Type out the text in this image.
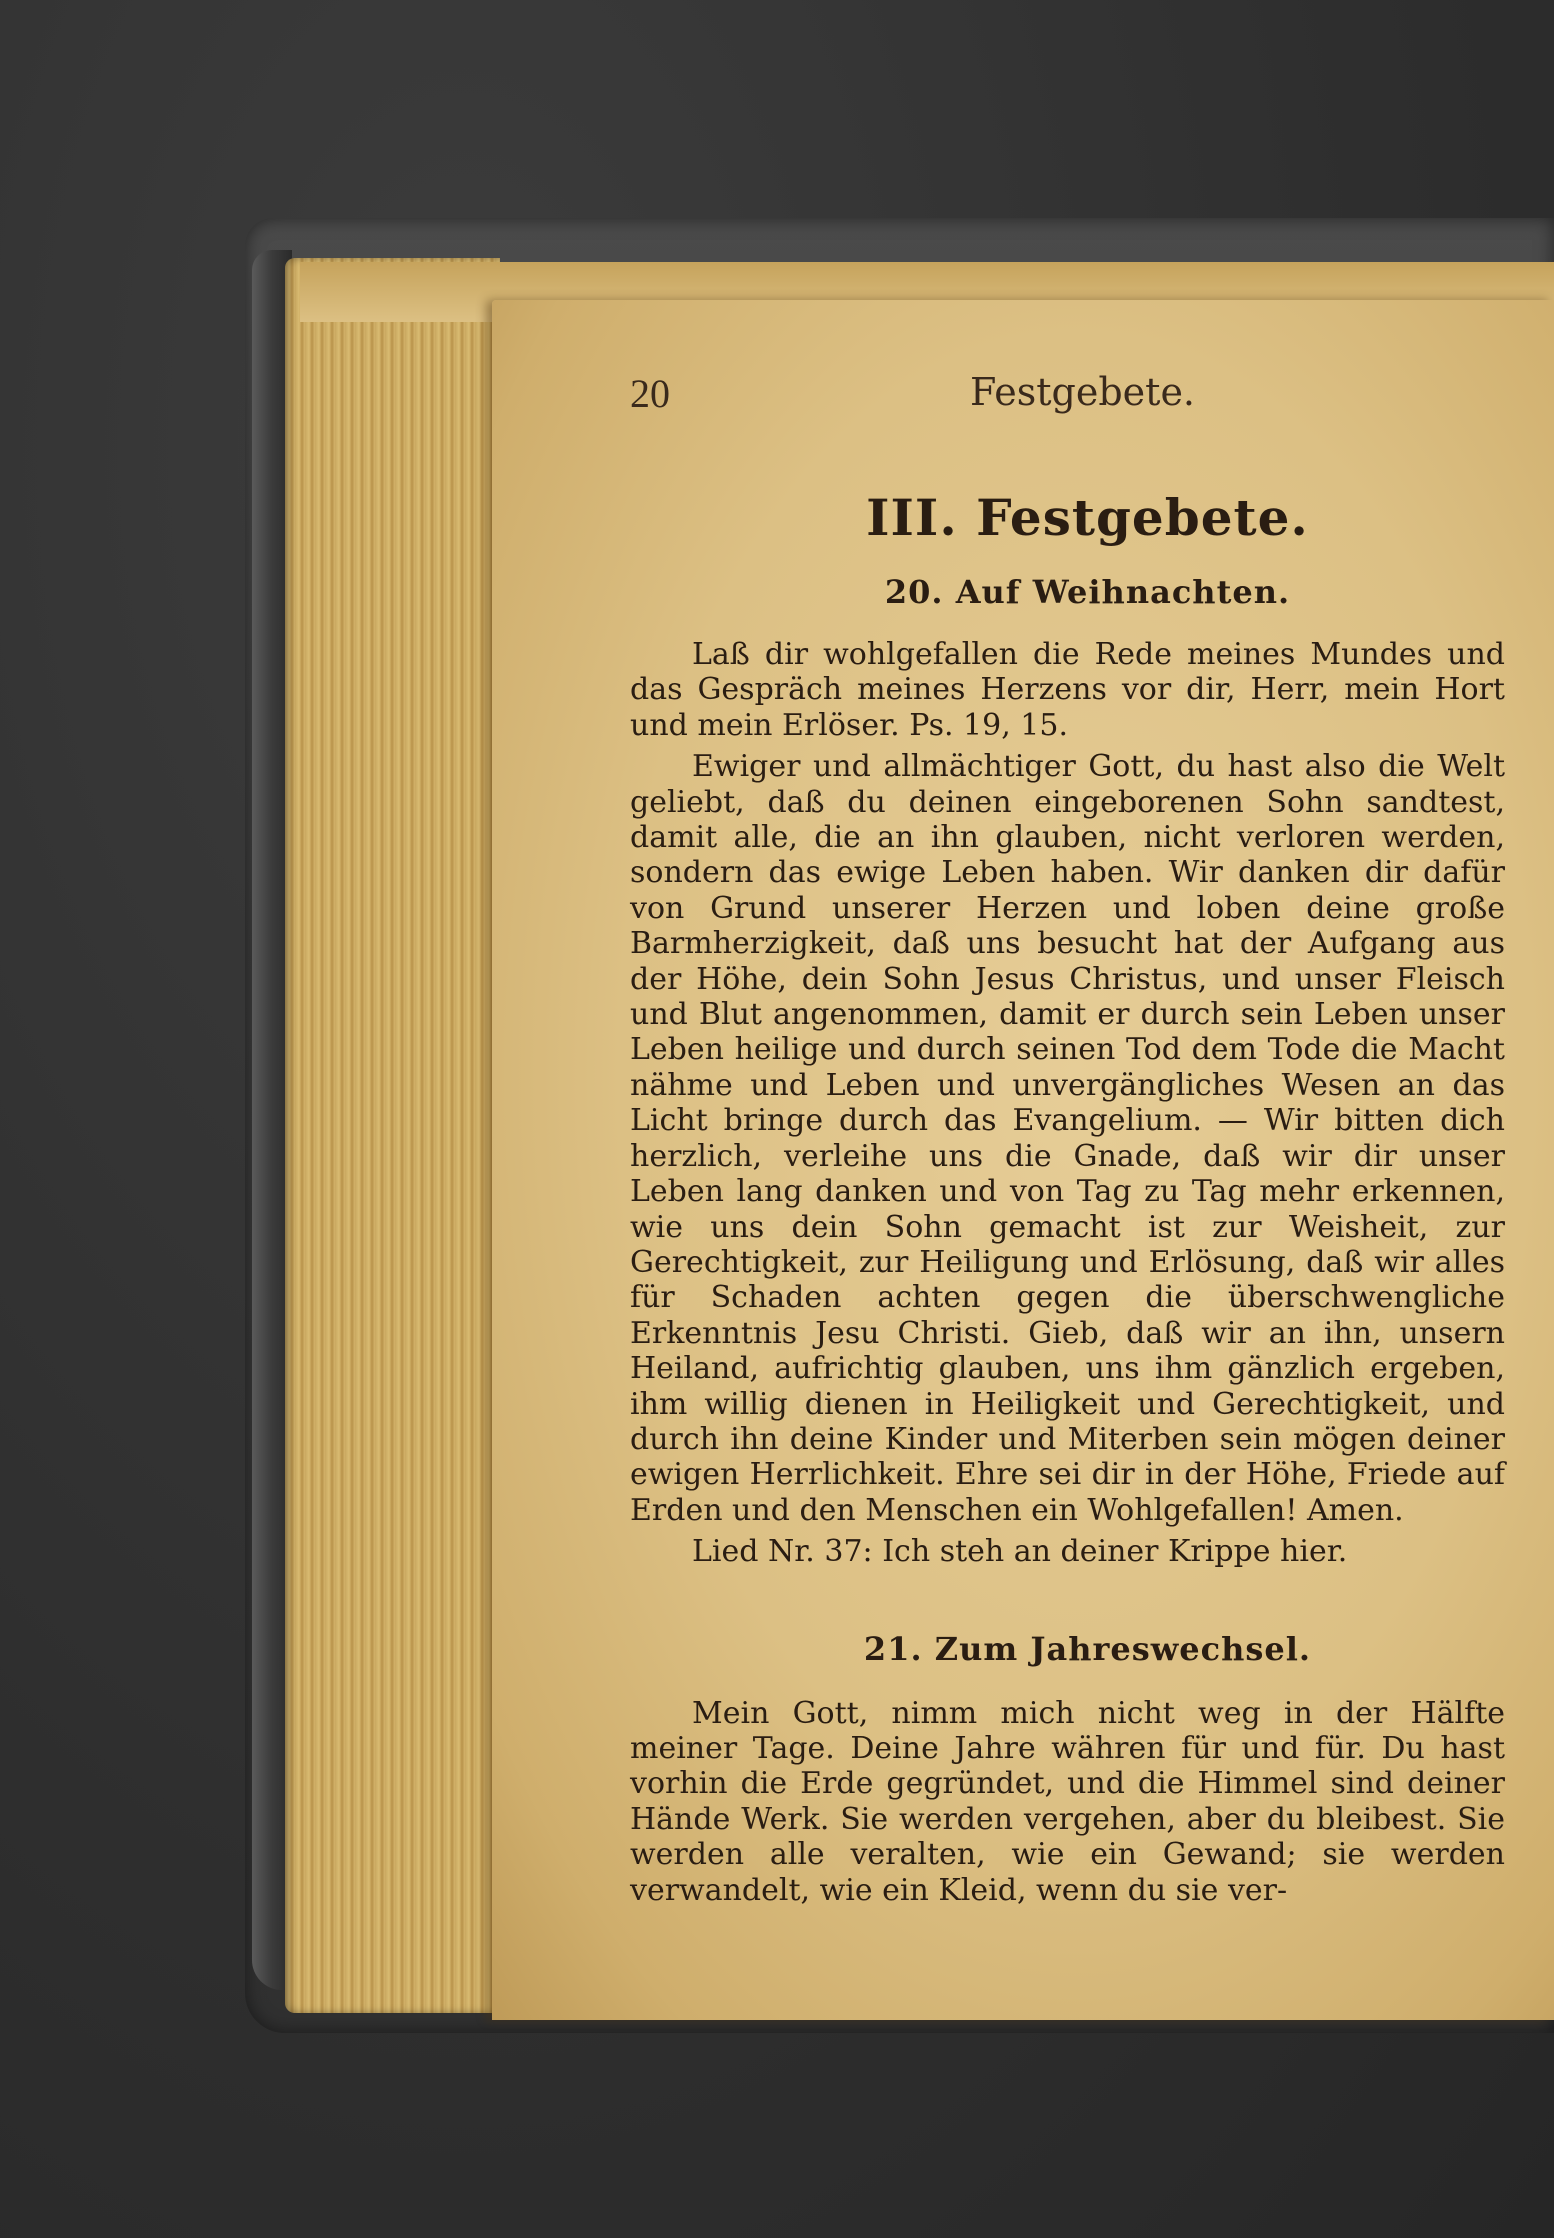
20	Festgebete.
III. Festgebete.
20. Auf Weihnachten.

Laß dir wohlgefallen die Rede meines Mundes und das Gespräch meines Herzens vor dir, Herr, mein Hort und mein Erlöser. Ps. 19, 15.

Ewiger und allmächtiger Gott, du hast also die Welt geliebt, daß du deinen eingeborenen Sohn sandtest, damit alle, die an ihn glauben, nicht verloren werden, sondern das ewige Leben haben. Wir danken dir dafür von Grund unserer Herzen und loben deine große Barmherzigkeit, daß uns besucht hat der Aufgang aus der Höhe, dein Sohn Jesus Christus, und unser Fleisch und Blut angenommen, damit er durch sein Leben unser Leben heilige und durch seinen Tod dem Tode die Macht nähme und Leben und unvergängliches Wesen an das Licht bringe durch das Evangelium. — Wir bitten dich herzlich, verleihe uns die Gnade, daß wir dir unser Leben lang danken und von Tag zu Tag mehr erkennen, wie uns dein Sohn gemacht ist zur Weisheit, zur Gerechtigkeit, zur Heiligung und Erlösung, daß wir alles für Schaden achten gegen die überschwengliche Erkenntnis Jesu Christi. Gieb, daß wir an ihn, unsern Heiland, aufrichtig glauben, uns ihm gänzlich ergeben, ihm willig dienen in Heiligkeit und Gerechtigkeit, und durch ihn deine Kinder und Miterben sein mögen deiner ewigen Herrlichkeit. Ehre sei dir in der Höhe, Friede auf Erden und den Menschen ein Wohlgefallen! Amen.

Lied Nr. 37: Ich steh an deiner Krippe hier.

21. Zum Jahreswechsel.

Mein Gott, nimm mich nicht weg in der Hälfte meiner Tage. Deine Jahre währen für und für. Du hast vorhin die Erde gegründet, und die Himmel sind deiner Hände Werk. Sie werden vergehen, aber du bleibest. Sie werden alle veralten, wie ein Gewand; sie werden verwandelt, wie ein Kleid, wenn du sie ver-
